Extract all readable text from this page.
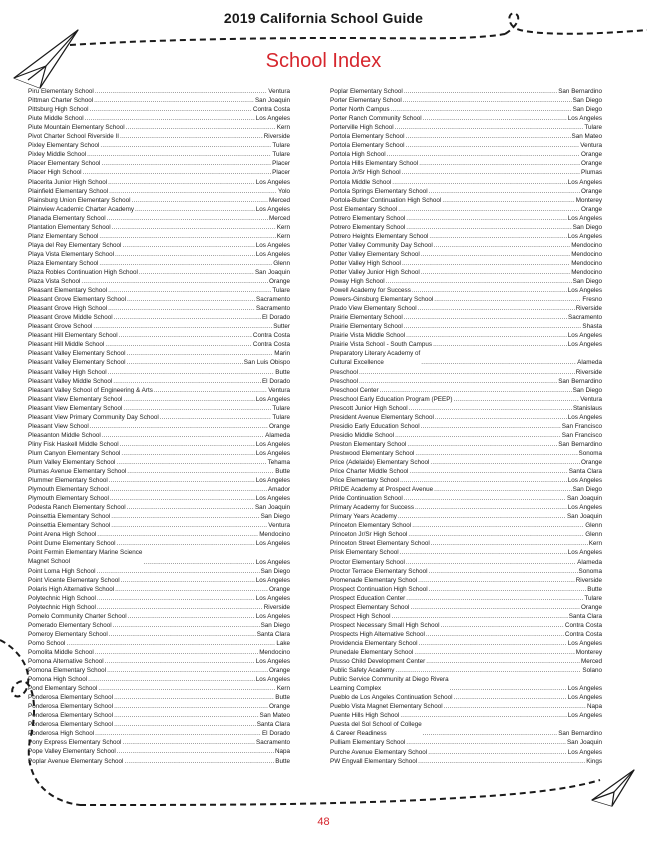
2019 California School Guide
School Index
Piru Elementary School .....	Ventura
Pittman Charter School .....	San Joaquin
Pittsburg High School .....	Contra Costa
Piute Middle School .....	Los Angeles
Piute Mountain Elementary School .....	Kern
Pivot Charter School Riverside II .....	Riverside
Pixley Elementary School .....	Tulare
Pixley Middle School .....	Tulare
Placer Elementary School .....	Placer
Placer High School .....	Placer
Placerita Junior High School .....	Los Angeles
Plainfield Elementary School .....	Yolo
Plainsburg Union Elementary School .....	Merced
Plainview Academic Charter Academy .....	Los Angeles
Planada Elementary School .....	Merced
Plantation Elementary School .....	Kern
Planz Elementary School .....	Kern
Playa del Rey Elementary School .....	Los Angeles
Playa Vista Elementary School .....	Los Angeles
Plaza Elementary School .....	Glenn
Plaza Robles Continuation High School .....	San Joaquin
Plaza Vista School .....	Orange
Pleasant Elementary School .....	Tulare
Pleasant Grove Elementary School .....	Sacramento
Pleasant Grove High School .....	Sacramento
Pleasant Grove Middle School .....	El Dorado
Pleasant Grove School .....	Sutter
Pleasant Hill Elementary School .....	Contra Costa
Pleasant Hill Middle School .....	Contra Costa
Pleasant Valley Elementary School .....	Marin
Pleasant Valley Elementary School .....	San Luis Obispo
Pleasant Valley High School .....	Butte
Pleasant Valley Middle School .....	El Dorado
Pleasant Valley School of Engineering & Arts .....	Ventura
Pleasant View Elementary School .....	Los Angeles
Pleasant View Elementary School .....	Tulare
Pleasant View Primary Community Day School .....	Tulare
Pleasant View School .....	Orange
Pleasanton Middle School .....	Alameda
Pliny Fisk Haskell Middle School .....	Los Angeles
Plum Canyon Elementary School .....	Los Angeles
Plum Valley Elementary School .....	Tehama
Plumas Avenue Elementary School .....	Butte
Plummer Elementary School .....	Los Angeles
Plymouth Elementary School .....	Amador
Plymouth Elementary School .....	Los Angeles
Podesta Ranch Elementary School .....	San Joaquin
Poinsettia Elementary School .....	San Diego
Poinsettia Elementary School .....	Ventura
Point Arena High School .....	Mendocino
Point Dume Elementary School .....	Los Angeles
Point Fermin Elementary Marine Science
Magnet School .....	Los Angeles
Point Loma High School .....	San Diego
Point Vicente Elementary School .....	Los Angeles
Polaris High Alternative School .....	Orange
Polytechnic High School .....	Los Angeles
Polytechnic High School .....	Riverside
Pomelo Community Charter School .....	Los Angeles
Pomerado Elementary School .....	San Diego
Pomeroy Elementary School .....	Santa Clara
Pomo School .....	Lake
Pomolita Middle School .....	Mendocino
Pomona Alternative School .....	Los Angeles
Pomona Elementary School .....	Orange
Pomona High School .....	Los Angeles
Pond Elementary School .....	Kern
Ponderosa Elementary School .....	Butte
Ponderosa Elementary School .....	Orange
Ponderosa Elementary School .....	San Mateo
Ponderosa Elementary School .....	Santa Clara
Ponderosa High School .....	El Dorado
Pony Express Elementary School .....	Sacramento
Pope Valley Elementary School .....	Napa
Poplar Avenue Elementary School .....	Butte
Poplar Elementary School .....	San Bernardino
Porter Elementary School .....	San Diego
Porter North Campus .....	San Diego
Porter Ranch Community School .....	Los Angeles
Porterville High School .....	Tulare
Portola Elementary School .....	San Mateo
Portola Elementary School .....	Ventura
Portola High School .....	Orange
Portola Hills Elementary School .....	Orange
Portola Jr/Sr High School .....	Plumas
Portola Middle School .....	Los Angeles
Portola Springs Elementary School .....	Orange
Portola-Butler Continuation High School .....	Monterey
Post Elementary School .....	Orange
Potrero Elementary School .....	Los Angeles
Potrero Elementary School .....	San Diego
Potrero Heights Elementary School .....	Los Angeles
Potter Valley Community Day School .....	Mendocino
Potter Valley Elementary School .....	Mendocino
Potter Valley High School .....	Mendocino
Potter Valley Junior High School .....	Mendocino
Poway High School .....	San Diego
Powell Academy for Success .....	Los Angeles
Powers-Ginsburg Elementary School .....	Fresno
Prado View Elementary School .....	Riverside
Prairie Elementary School .....	Sacramento
Prairie Elementary School .....	Shasta
Prairie Vista Middle School .....	Los Angeles
Prairie Vista School - South Campus .....	Los Angeles
Preparatory Literary Academy of
Cultural Excellence .....	Alameda
Preschool .....	Riverside
Preschool .....	San Bernardino
Preschool Center .....	San Diego
Preschool Early Education Program (PEEP) .....	Ventura
Prescott Junior High School .....	Stanislaus
President Avenue Elementary School .....	Los Angeles
Presidio Early Education School .....	San Francisco
Presidio Middle School .....	San Francisco
Preston Elementary School .....	San Bernardino
Prestwood Elementary School .....	Sonoma
Price (Adelaide) Elementary School .....	Orange
Price Charter Middle School .....	Santa Clara
Price Elementary School .....	Los Angeles
PRIDE Academy at Prospect Avenue .....	San Diego
Pride Continuation School .....	San Joaquin
Primary Academy for Success .....	Los Angeles
Primary Years Academy .....	San Joaquin
Princeton Elementary School .....	Glenn
Princeton Jr/Sr High School .....	Glenn
Princeton Street Elementary School .....	Kern
Prisk Elementary School .....	Los Angeles
Proctor Elementary School .....	Alameda
Proctor Terrace Elementary School .....	Sonoma
Promenade Elementary School .....	Riverside
Prospect Continuation High School .....	Butte
Prospect Education Center .....	Tulare
Prospect Elementary School .....	Orange
Prospect High School .....	Santa Clara
Prospect Necessary Small High School .....	Contra Costa
Prospects High Alternative School .....	Contra Costa
Providencia Elementary School .....	Los Angeles
Prunedale Elementary School .....	Monterey
Prusso Child Development Center .....	Merced
Public Safety Academy .....	Solano
Public Service Community at Diego Rivera
Learning Complex .....	Los Angeles
Pueblo de Los Angeles Continuation School .....	Los Angeles
Pueblo Vista Magnet Elementary School .....	Napa
Puente Hills High School .....	Los Angeles
Puesta del Sol School of College
& Career Readiness .....	San Bernardino
Pulliam Elementary School .....	San Joaquin
Purche Avenue Elementary School .....	Los Angeles
PW Engvall Elementary School .....	Kings
48
